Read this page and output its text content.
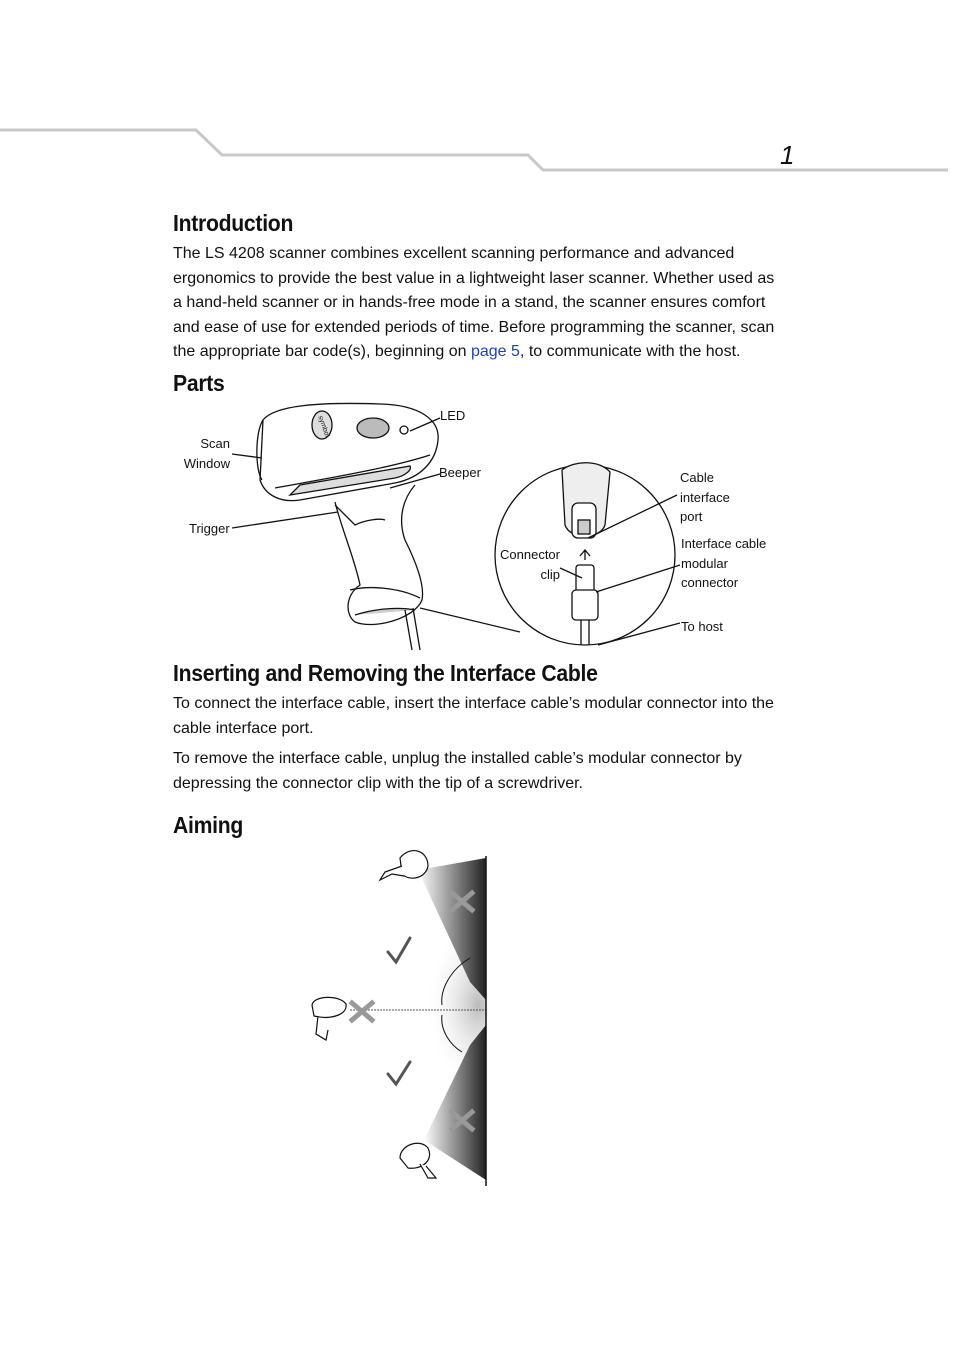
1
Introduction

The LS 4208 scanner combines excellent scanning performance and advanced ergonomics to provide the best value in a lightweight laser scanner. Whether used as a hand-held scanner or in hands-free mode in a stand, the scanner ensures comfort and ease of use for extended periods of time. Before programming the scanner, scan the appropriate bar code(s), beginning on page 5, to communicate with the host.

Parts
symbol	LED
Scan
Window
Beeper
Trigger
Cable
interface
port
Interface cable
modular
connector
Connector
clip
To host
Inserting and Removing the Interface Cable

To connect the interface cable, insert the interface cable’s modular connector into the cable interface port.

To remove the interface cable, unplug the installed cable’s modular connector by depressing the connector clip with the tip of a screwdriver.

Aiming
